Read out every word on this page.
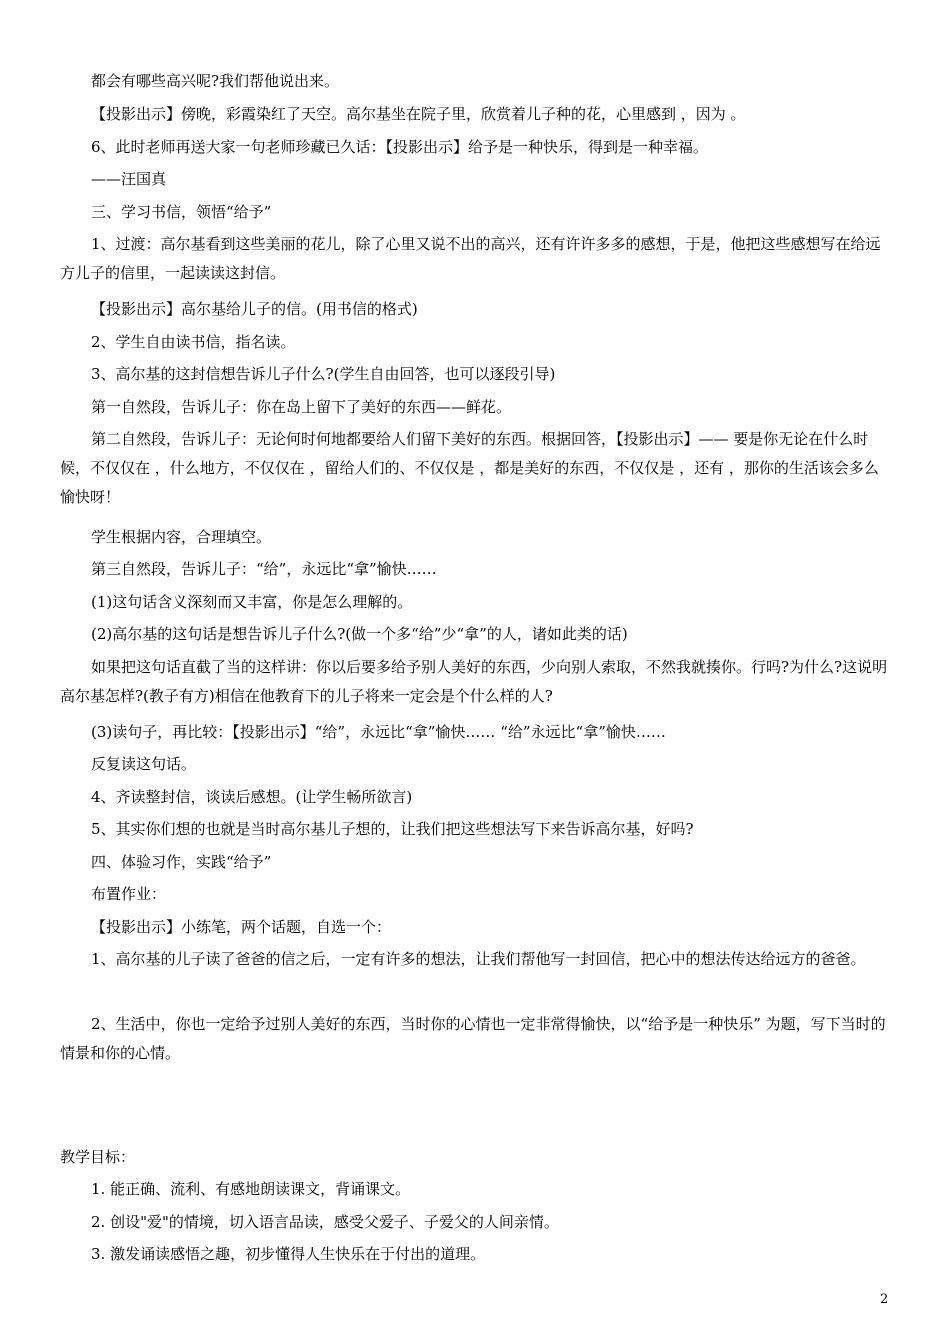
都会有哪些高兴呢?我们帮他说出来。

【投影出示】傍晚，彩霞染红了天空。高尔基坐在院子里，欣赏着儿子种的花，心里感到 ，因为 。

6、此时老师再送大家一句老师珍藏已久话：【投影出示】给予是一种快乐，得到是一种幸福。

——汪国真

三、学习书信，领悟“给予”

1、过渡：高尔基看到这些美丽的花儿，除了心里又说不出的高兴，还有许许多多的感想，于是，他把这些感想写在给远方儿子的信里，一起读读这封信。

【投影出示】高尔基给儿子的信。(用书信的格式)

2、学生自由读书信，指名读。

3、高尔基的这封信想告诉儿子什么?(学生自由回答，也可以逐段引导)

第一自然段，告诉儿子：你在岛上留下了美好的东西——鲜花。

第二自然段，告诉儿子：无论何时何地都要给人们留下美好的东西。根据回答，【投影出示】—— 要是你无论在什么时候，不仅仅在 ，什么地方，不仅仅在 ，留给人们的、不仅仅是 ，都是美好的东西，不仅仅是 ，还有 ，那你的生活该会多么愉快呀！

学生根据内容，合理填空。

第三自然段，告诉儿子：“给”，永远比“拿”愉快……

(1)这句话含义深刻而又丰富，你是怎么理解的。

(2)高尔基的这句话是想告诉儿子什么?(做一个多“给”少“拿”的人，诸如此类的话)

如果把这句话直截了当的这样讲：你以后要多给予别人美好的东西，少向别人索取，不然我就揍你。行吗?为什么?这说明高尔基怎样?(教子有方)相信在他教育下的儿子将来一定会是个什么样的人?

(3)读句子，再比较：【投影出示】“给”，永远比“拿”愉快…… “给”永远比“拿”愉快……

反复读这句话。

4、齐读整封信，谈读后感想。(让学生畅所欲言)

5、其实你们想的也就是当时高尔基儿子想的，让我们把这些想法写下来告诉高尔基，好吗?

四、体验习作，实践“给予”

布置作业：

【投影出示】小练笔，两个话题，自选一个：

1、高尔基的儿子读了爸爸的信之后，一定有许多的想法，让我们帮他写一封回信，把心中的想法传达给远方的爸爸。

2、生活中，你也一定给予过别人美好的东西，当时你的心情也一定非常得愉快，以“给予是一种快乐” 为题，写下当时的情景和你的心情。

教学目标：

1. 能正确、流利、有感地朗读课文，背诵课文。

2. 创设"爱"的情境，切入语言品读，感受父爱子、子爱父的人间亲情。

3. 激发诵读感悟之趣，初步懂得人生快乐在于付出的道理。

2
